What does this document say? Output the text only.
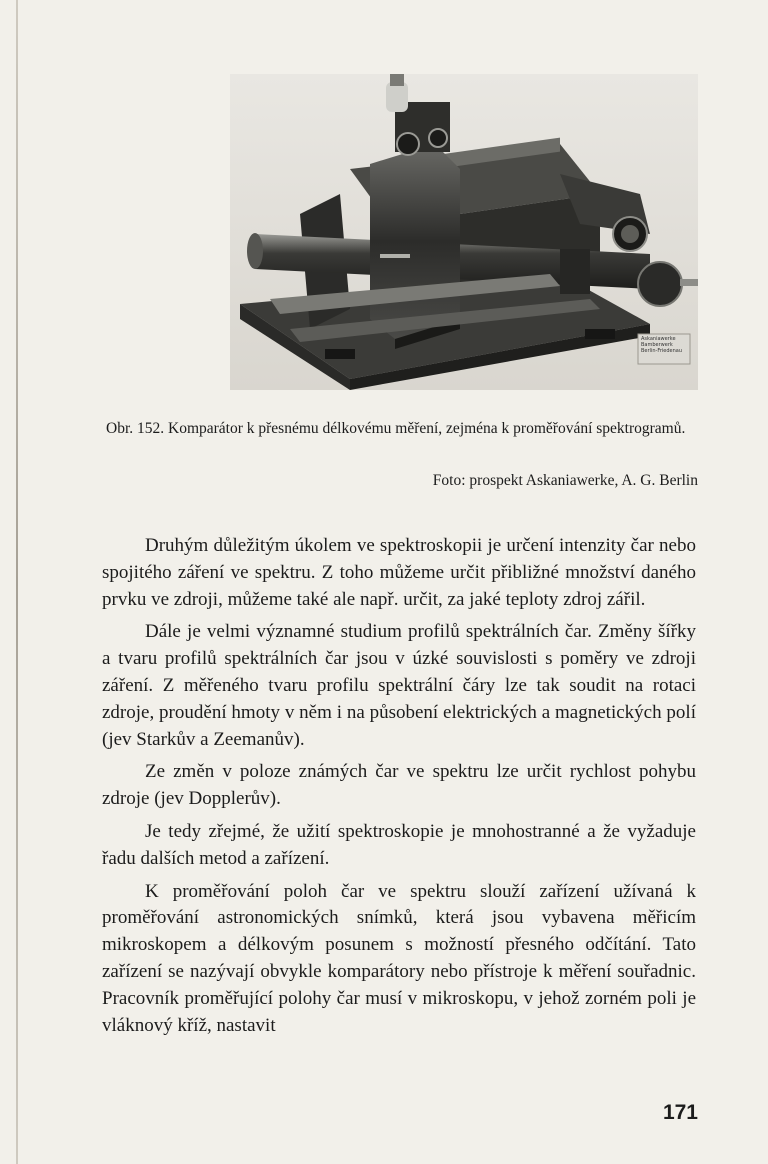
Askaniawerke Bamberwerk Berlin-Friedenau
Obr. 152. Komparátor k přesnému délkovému měření, zejména k proměřování spektrogramů.
Foto: prospekt Askaniawerke, A. G. Berlin

Druhým důležitým úkolem ve spektroskopii je určení intenzity čar nebo spojitého záření ve spektru. Z toho můžeme určit přibližné množství daného prvku ve zdroji, můžeme také ale např. určit, za jaké teploty zdroj zářil.

Dále je velmi významné studium profilů spektrálních čar. Změny šířky a tvaru profilů spektrálních čar jsou v úzké souvislosti s poměry ve zdroji záření. Z měřeného tvaru profilu spektrální čáry lze tak soudit na rotaci zdroje, proudění hmoty v něm i na působení elektrických a magnetických polí (jev Starkův a Zeemanův).

Ze změn v poloze známých čar ve spektru lze určit rychlost pohybu zdroje (jev Dopplerův).

Je tedy zřejmé, že užití spektroskopie je mnohostranné a že vyžaduje řadu dalších metod a zařízení.

K proměřování poloh čar ve spektru slouží zařízení užívaná k proměřování astronomických snímků, která jsou vybavena měřicím mikroskopem a délkovým posunem s možností přesného odčítání. Tato zařízení se nazývají obvykle komparátory nebo přístroje k měření souřadnic. Pracovník proměřující polohy čar musí v mikroskopu, v jehož zorném poli je vláknový kříž, nastavit

171
